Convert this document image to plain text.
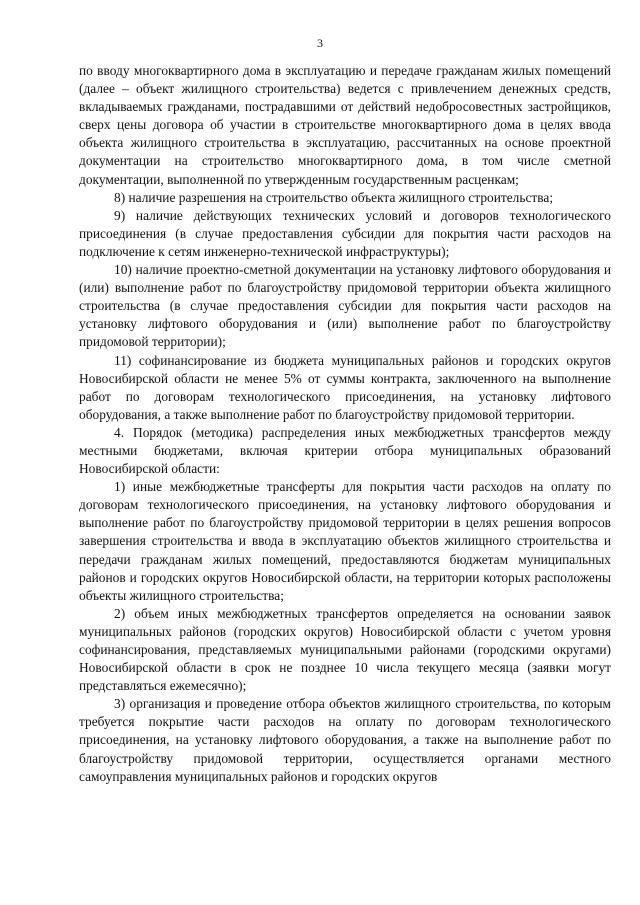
3

по вводу многоквартирного дома в эксплуатацию и передаче гражданам жилых помещений (далее – объект жилищного строительства) ведется с привлечением денежных средств, вкладываемых гражданами, пострадавшими от действий недобросовестных застройщиков, сверх цены договора об участии в строительстве многоквартирного дома в целях ввода объекта жилищного строительства в эксплуатацию, рассчитанных на основе проектной документации на строительство многоквартирного дома, в том числе сметной документации, выполненной по утвержденным государственным расценкам;

8) наличие разрешения на строительство объекта жилищного строительства;

9) наличие действующих технических условий и договоров технологического присоединения (в случае предоставления субсидии для покрытия части расходов на подключение к сетям инженерно-технической инфраструктуры);

10) наличие проектно-сметной документации на установку лифтового оборудования и (или) выполнение работ по благоустройству придомовой территории объекта жилищного строительства (в случае предоставления субсидии для покрытия части расходов на установку лифтового оборудования и (или) выполнение работ по благоустройству придомовой территории);

11) софинансирование из бюджета муниципальных районов и городских округов Новосибирской области не менее 5% от суммы контракта, заключенного на выполнение работ по договорам технологического присоединения, на установку лифтового оборудования, а также выполнение работ по благоустройству придомовой территории.

4. Порядок (методика) распределения иных межбюджетных трансфертов между местными бюджетами, включая критерии отбора муниципальных образований Новосибирской области:

1) иные межбюджетные трансферты для покрытия части расходов на оплату по договорам технологического присоединения, на установку лифтового оборудования и выполнение работ по благоустройству придомовой территории в целях решения вопросов завершения строительства и ввода в эксплуатацию объектов жилищного строительства и передачи гражданам жилых помещений, предоставляются бюджетам муниципальных районов и городских округов Новосибирской области, на территории которых расположены объекты жилищного строительства;

2) объем иных межбюджетных трансфертов определяется на основании заявок муниципальных районов (городских округов) Новосибирской области с учетом уровня софинансирования, представляемых муниципальными районами (городскими округами) Новосибирской области в срок не позднее 10 числа текущего месяца (заявки могут представляться ежемесячно);

3) организация и проведение отбора объектов жилищного строительства, по которым требуется покрытие части расходов на оплату по договорам технологического присоединения, на установку лифтового оборудования, а также на выполнение работ по благоустройству придомовой территории, осуществляется органами местного самоуправления муниципальных районов и городских округов
